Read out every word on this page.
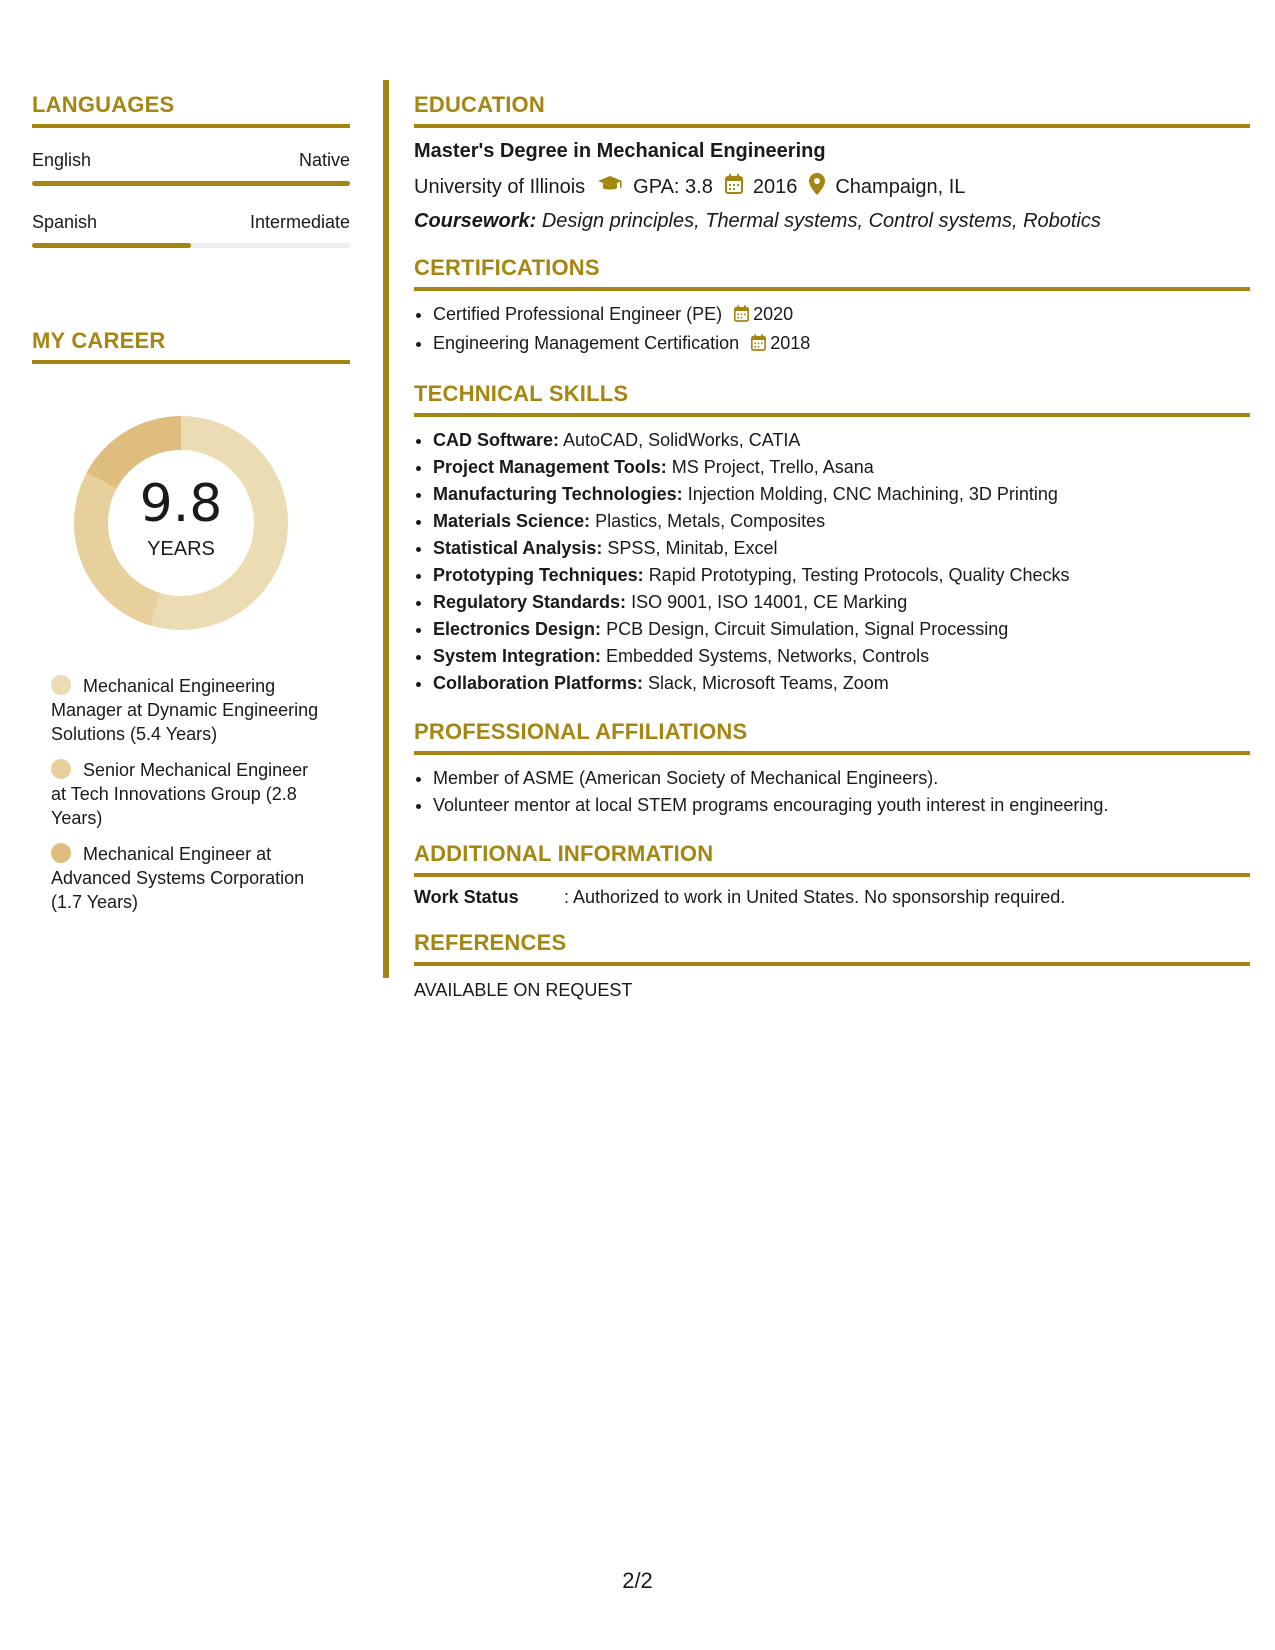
LANGUAGES
English	Native
Spanish	Intermediate
MY CAREER
9.8
YEARS
Mechanical Engineering Manager at Dynamic Engineering Solutions (5.4 Years)
Senior Mechanical Engineer at Tech Innovations Group (2.8 Years)
Mechanical Engineer at Advanced Systems Corporation (1.7 Years)
EDUCATION
Master's Degree in Mechanical Engineering
University of Illinois GPA: 3.8 2016 Champaign, IL
Coursework: Design principles, Thermal systems, Control systems, Robotics
CERTIFICATIONS
• Certified Professional Engineer (PE) 2020
• Engineering Management Certification 2018
TECHNICAL SKILLS
• CAD Software: AutoCAD, SolidWorks, CATIA
• Project Management Tools: MS Project, Trello, Asana
• Manufacturing Technologies: Injection Molding, CNC Machining, 3D Printing
• Materials Science: Plastics, Metals, Composites
• Statistical Analysis: SPSS, Minitab, Excel
• Prototyping Techniques: Rapid Prototyping, Testing Protocols, Quality Checks
• Regulatory Standards: ISO 9001, ISO 14001, CE Marking
• Electronics Design: PCB Design, Circuit Simulation, Signal Processing
• System Integration: Embedded Systems, Networks, Controls
• Collaboration Platforms: Slack, Microsoft Teams, Zoom
PROFESSIONAL AFFILIATIONS
• Member of ASME (American Society of Mechanical Engineers).
• Volunteer mentor at local STEM programs encouraging youth interest in engineering.
ADDITIONAL INFORMATION
Work Status	: Authorized to work in United States. No sponsorship required.
REFERENCES
AVAILABLE ON REQUEST
2/2
